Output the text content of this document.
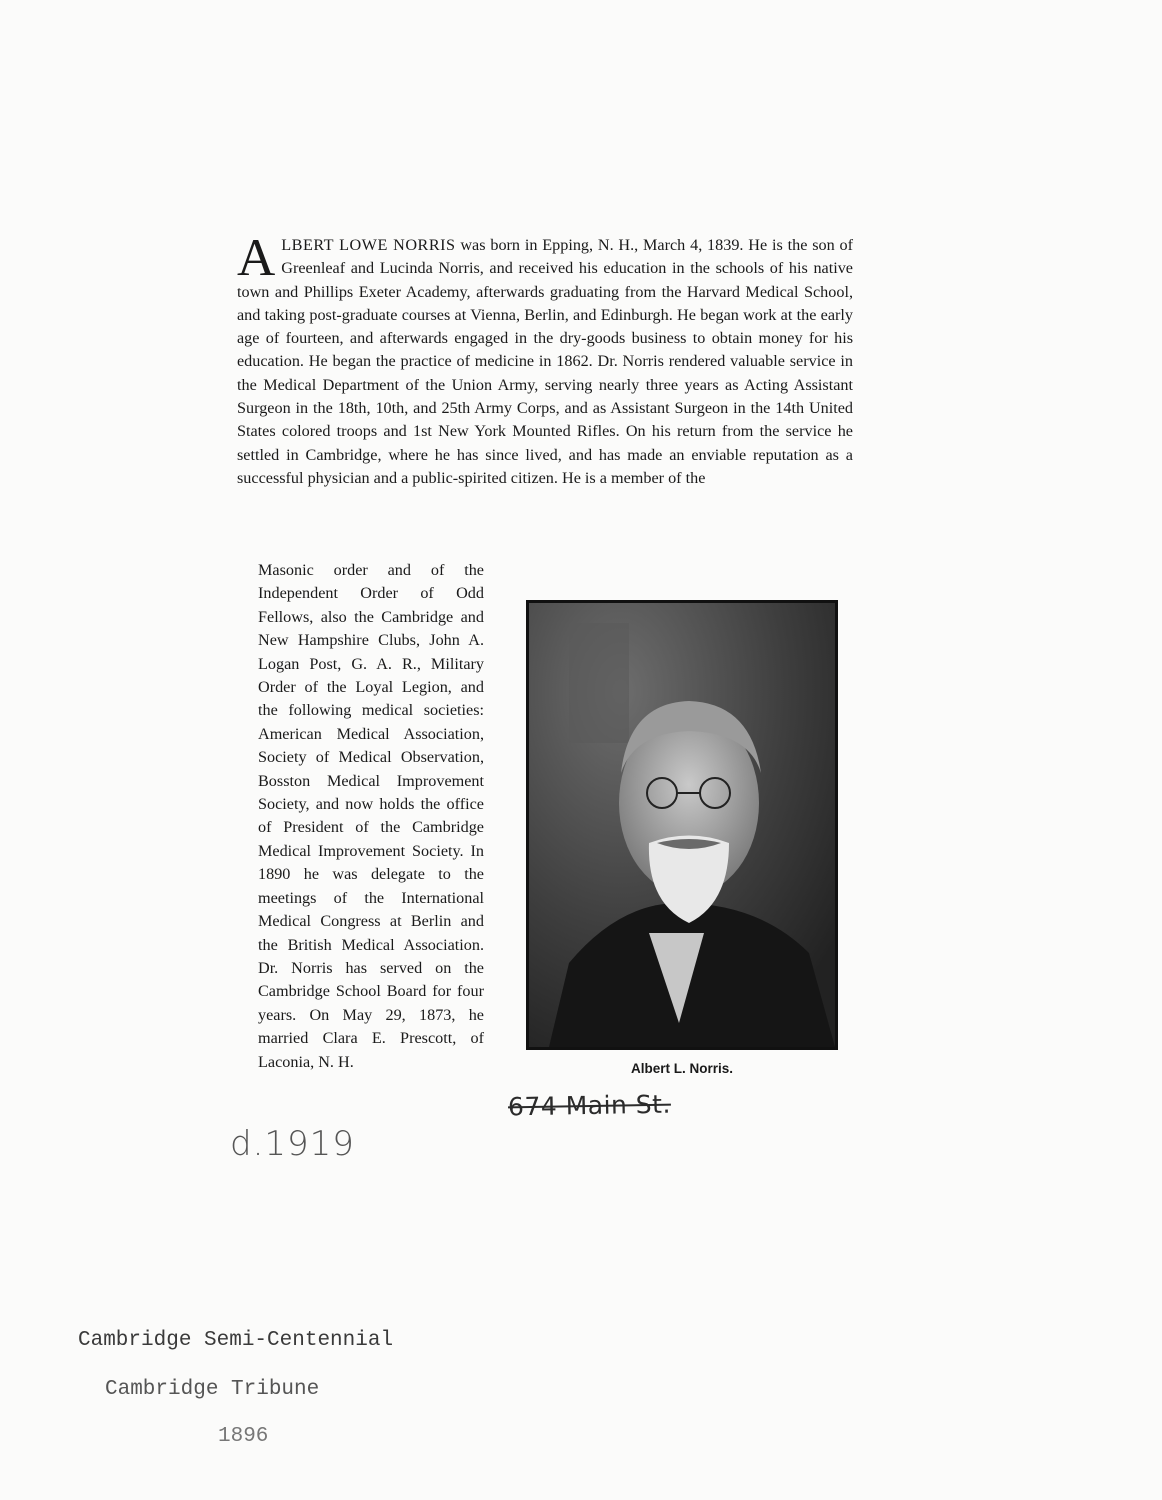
ALBERT LOWE NORRIS was born in Epping, N. H., March 4, 1839. He is the son of Greenleaf and Lucinda Norris, and received his education in the schools of his native town and Phillips Exeter Academy, afterwards graduating from the Harvard Medical School, and taking post-graduate courses at Vienna, Berlin, and Edinburgh. He began work at the early age of fourteen, and afterwards engaged in the dry-goods business to obtain money for his education. He began the practice of medicine in 1862. Dr. Norris rendered valuable service in the Medical Department of the Union Army, serving nearly three years as Acting Assistant Surgeon in the 18th, 10th, and 25th Army Corps, and as Assistant Surgeon in the 14th United States colored troops and 1st New York Mounted Rifles. On his return from the service he settled in Cambridge, where he has since lived, and has made an enviable reputation as a successful physician and a public-spirited citizen. He is a member of the

Masonic order and of the Independent Order of Odd Fellows, also the Cambridge and New Hampshire Clubs, John A. Logan Post, G. A. R., Military Order of the Loyal Legion, and the following medical societies: American Medical Association, Society of Medical Observation, Bosston Medical Improvement Society, and now holds the office of President of the Cambridge Medical Improvement Society. In 1890 he was delegate to the meetings of the International Medical Congress at Berlin and the British Medical Association. Dr. Norris has served on the Cambridge School Board for four years. On May 29, 1873, he married Clara E. Prescott, of Laconia, N. H.	Albert L. Norris.
674 Main St.
d.1919
Cambridge Semi-Centennial
Cambridge Tribune
1896
